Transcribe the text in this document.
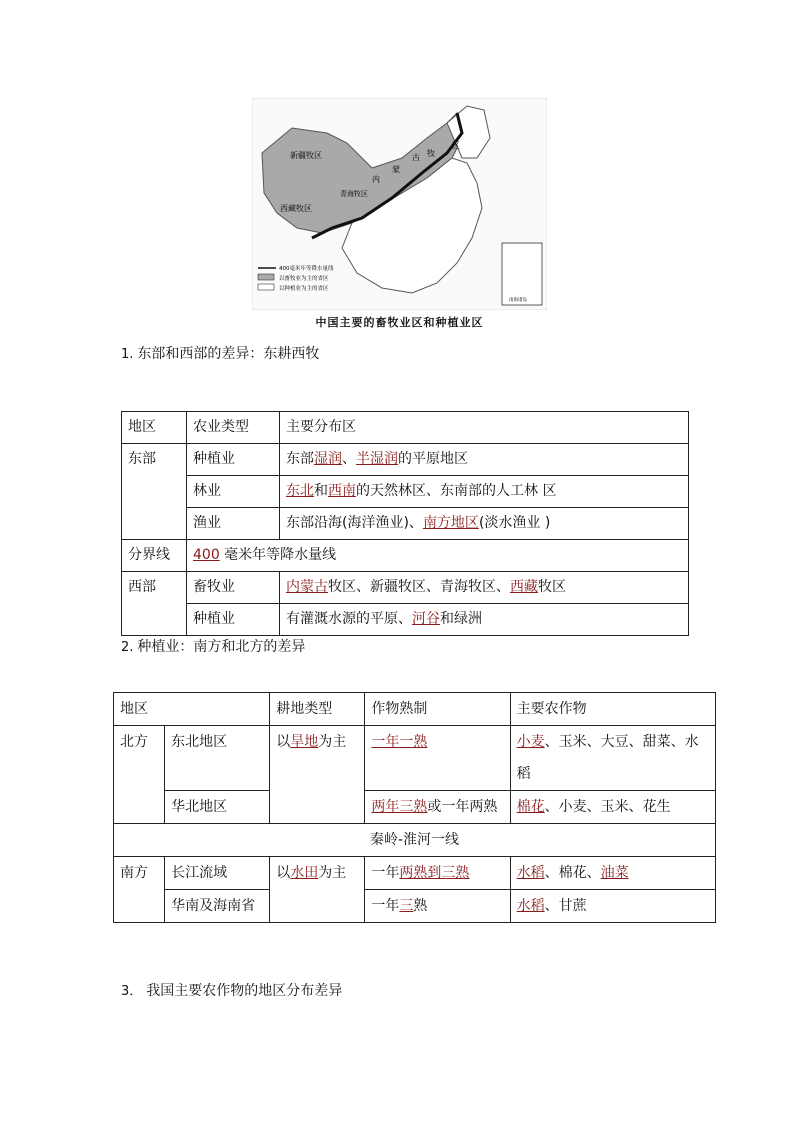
新疆牧区
西藏牧区
青海牧区
内
蒙
古 牧
区
400毫米年等降水量线
以畜牧业为主的省区
以种植业为主的省区
南海诸岛
中国主要的畜牧业区和种植业区
1. 东部和西部的差异：东耕西牧
地区	农业类型	主要分布区
东部	种植业	东部湿润、半湿润的平原地区
	林业	东北和西南的天然林区、东南部的人工林 区
	渔业	东部沿海(海洋渔业)、南方地区(淡水渔业 )
分界线	400 毫米年等降水量线	
西部	畜牧业	内蒙古牧区、新疆牧区、青海牧区、西藏牧区
	种植业	有灌溉水源的平原、河谷和绿洲
2. 种植业：南方和北方的差异
地区		耕地类型	作物熟制	主要农作物
北方	东北地区	以旱地为主	一年一熟	小麦、玉米、大豆、甜菜、水稻
	华北地区		两年三熟或一年两熟	棉花、小麦、玉米、花生
秦岭-淮河一线				
南方	长江流域	以水田为主	一年两熟到三熟	水稻、棉花、油菜
	华南及海南省		一年三熟	水稻、甘蔗
3． 我国主要农作物的地区分布差异
